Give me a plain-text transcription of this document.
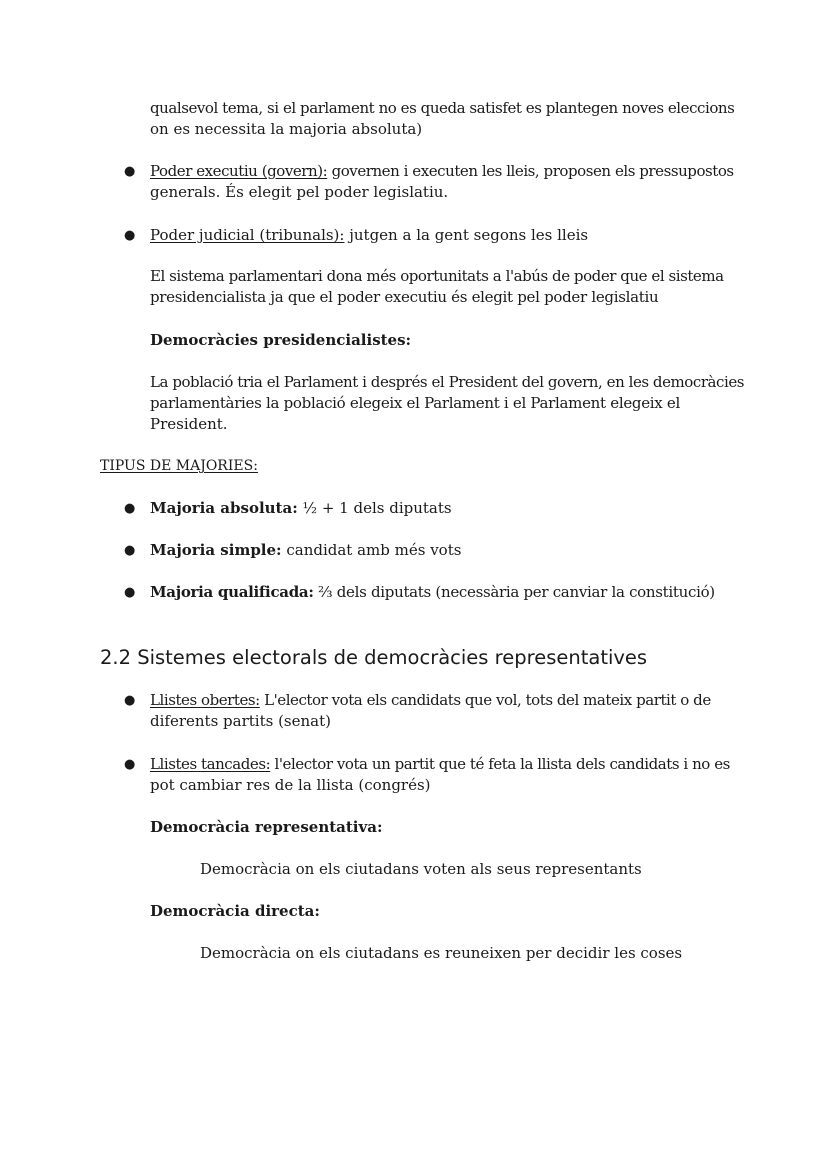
qualsevol tema, si el parlament no es queda satisfet es plantegen noves eleccions

on es necessita la majoria absoluta)

● Poder executiu (govern): governen i executen les lleis, proposen els pressupostos

generals. És elegit pel poder legislatiu.

● Poder judicial (tribunals): jutgen a la gent segons les lleis

El sistema parlamentari dona més oportunitats a l'abús de poder que el sistema

presidencialista ja que el poder executiu és elegit pel poder legislatiu

Democràcies presidencialistes:

La població tria el Parlament i després el President del govern, en les democràcies

parlamentàries la població elegeix el Parlament i el Parlament elegeix el

President.

TIPUS DE MAJORIES:

● Majoria absoluta: ½ + 1 dels diputats

● Majoria simple: candidat amb més vots

● Majoria qualificada: ⅔ dels diputats (necessària per canviar la constitució)

2.2 Sistemes electorals de democràcies representatives
● Llistes obertes: L'elector vota els candidats que vol, tots del mateix partit o de

diferents partits (senat)

● Llistes tancades: l'elector vota un partit que té feta la llista dels candidats i no es

pot cambiar res de la llista (congrés)

Democràcia representativa:

Democràcia on els ciutadans voten als seus representants

Democràcia directa:

Democràcia on els ciutadans es reuneixen per decidir les coses
